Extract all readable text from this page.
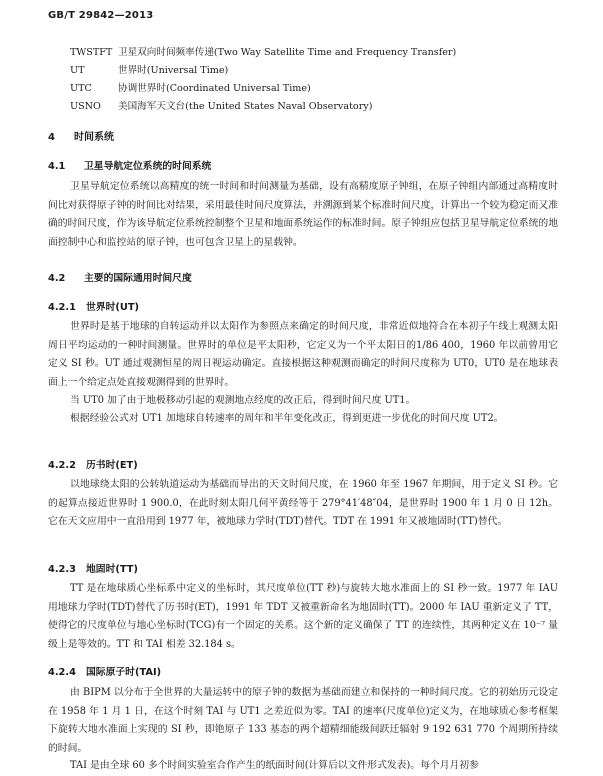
GB/T 29842—2013
TWSTFT 卫星双向时间频率传递(Two Way Satellite Time and Frequency Transfer)
UT	世界时(Universal Time)
UTC	协调世界时(Coordinated Universal Time)
USNO 美国海军天文台(the United States Naval Observatory)
4 时间系统
4.1 卫星导航定位系统的时间系统

卫星导航定位系统以高精度的统一时间和时间测量为基础，设有高精度原子钟组，在原子钟组内部通过高精度时间比对获得原子钟的时间比对结果，采用最佳时间尺度算法，并溯源到某个标准时间尺度，计算出一个较为稳定而又准确的时间尺度，作为该导航定位系统控制整个卫星和地面系统运作的标准时间。原子钟组应包括卫星导航定位系统的地面控制中心和监控站的原子钟，也可包含卫星上的星载钟。

4.2 主要的国际通用时间尺度
4.2.1 世界时(UT)

世界时是基于地球的自转运动并以太阳作为参照点来确定的时间尺度，非常近似地符合在本初子午线上观测太阳周日平均运动的一种时间测量。世界时的单位是平太阳秒，它定义为一个平太阳日的1/86 400，1960 年以前曾用它定义 SI 秒。UT 通过观测恒星的周日视运动确定。直接根据这种观测而确定的时间尺度称为 UT0，UT0 是在地球表面上一个给定点处直接观测得到的世界时。

当 UT0 加了由于地极移动引起的观测地点经度的改正后，得到时间尺度 UT1。

根据经验公式对 UT1 加地球自转速率的周年和半年变化改正，得到更进一步优化的时间尺度 UT2。

4.2.2 历书时(ET)

以地球绕太阳的公转轨道运动为基础而导出的天文时间尺度，在 1960 年至 1967 年期间，用于定义 SI 秒。它的起算点接近世界时 1 900.0，在此时刻太阳几何平黄经等于 279°41′48″04，是世界时 1900 年 1 月 0 日 12h。它在天文应用中一直沿用到 1977 年，被地球力学时(TDT)替代。TDT 在 1991 年又被地固时(TT)替代。

4.2.3 地固时(TT)

TT 是在地球质心坐标系中定义的坐标时，其尺度单位(TT 秒)与旋转大地水准面上的 SI 秒一致。1977 年 IAU 用地球力学时(TDT)替代了历书时(ET)，1991 年 TDT 又被重新命名为地固时(TT)。2000 年 IAU 重新定义了 TT，使得它的尺度单位与地心坐标时(TCG)有一个固定的关系。这个新的定义确保了 TT 的连续性，其两种定义在 10⁻⁷ 量级上是等效的。TT 和 TAI 相差 32.184 s。

4.2.4 国际原子时(TAI)

由 BIPM 以分布于全世界的大量运转中的原子钟的数据为基础而建立和保持的一种时间尺度。它的初始历元设定在 1958 年 1 月 1 日，在这个时刻 TAI 与 UT1 之差近似为零。TAI 的速率(尺度单位)定义为，在地球质心参考框架下旋转大地水准面上实现的 SI 秒，即铯原子 133 基态的两个超精细能级间跃迁辐射 9 192 631 770 个周期所持续的时间。

TAI 是由全球 60 多个时间实验室合作产生的纸面时间(计算后以文件形式发表)。每个月月初参
